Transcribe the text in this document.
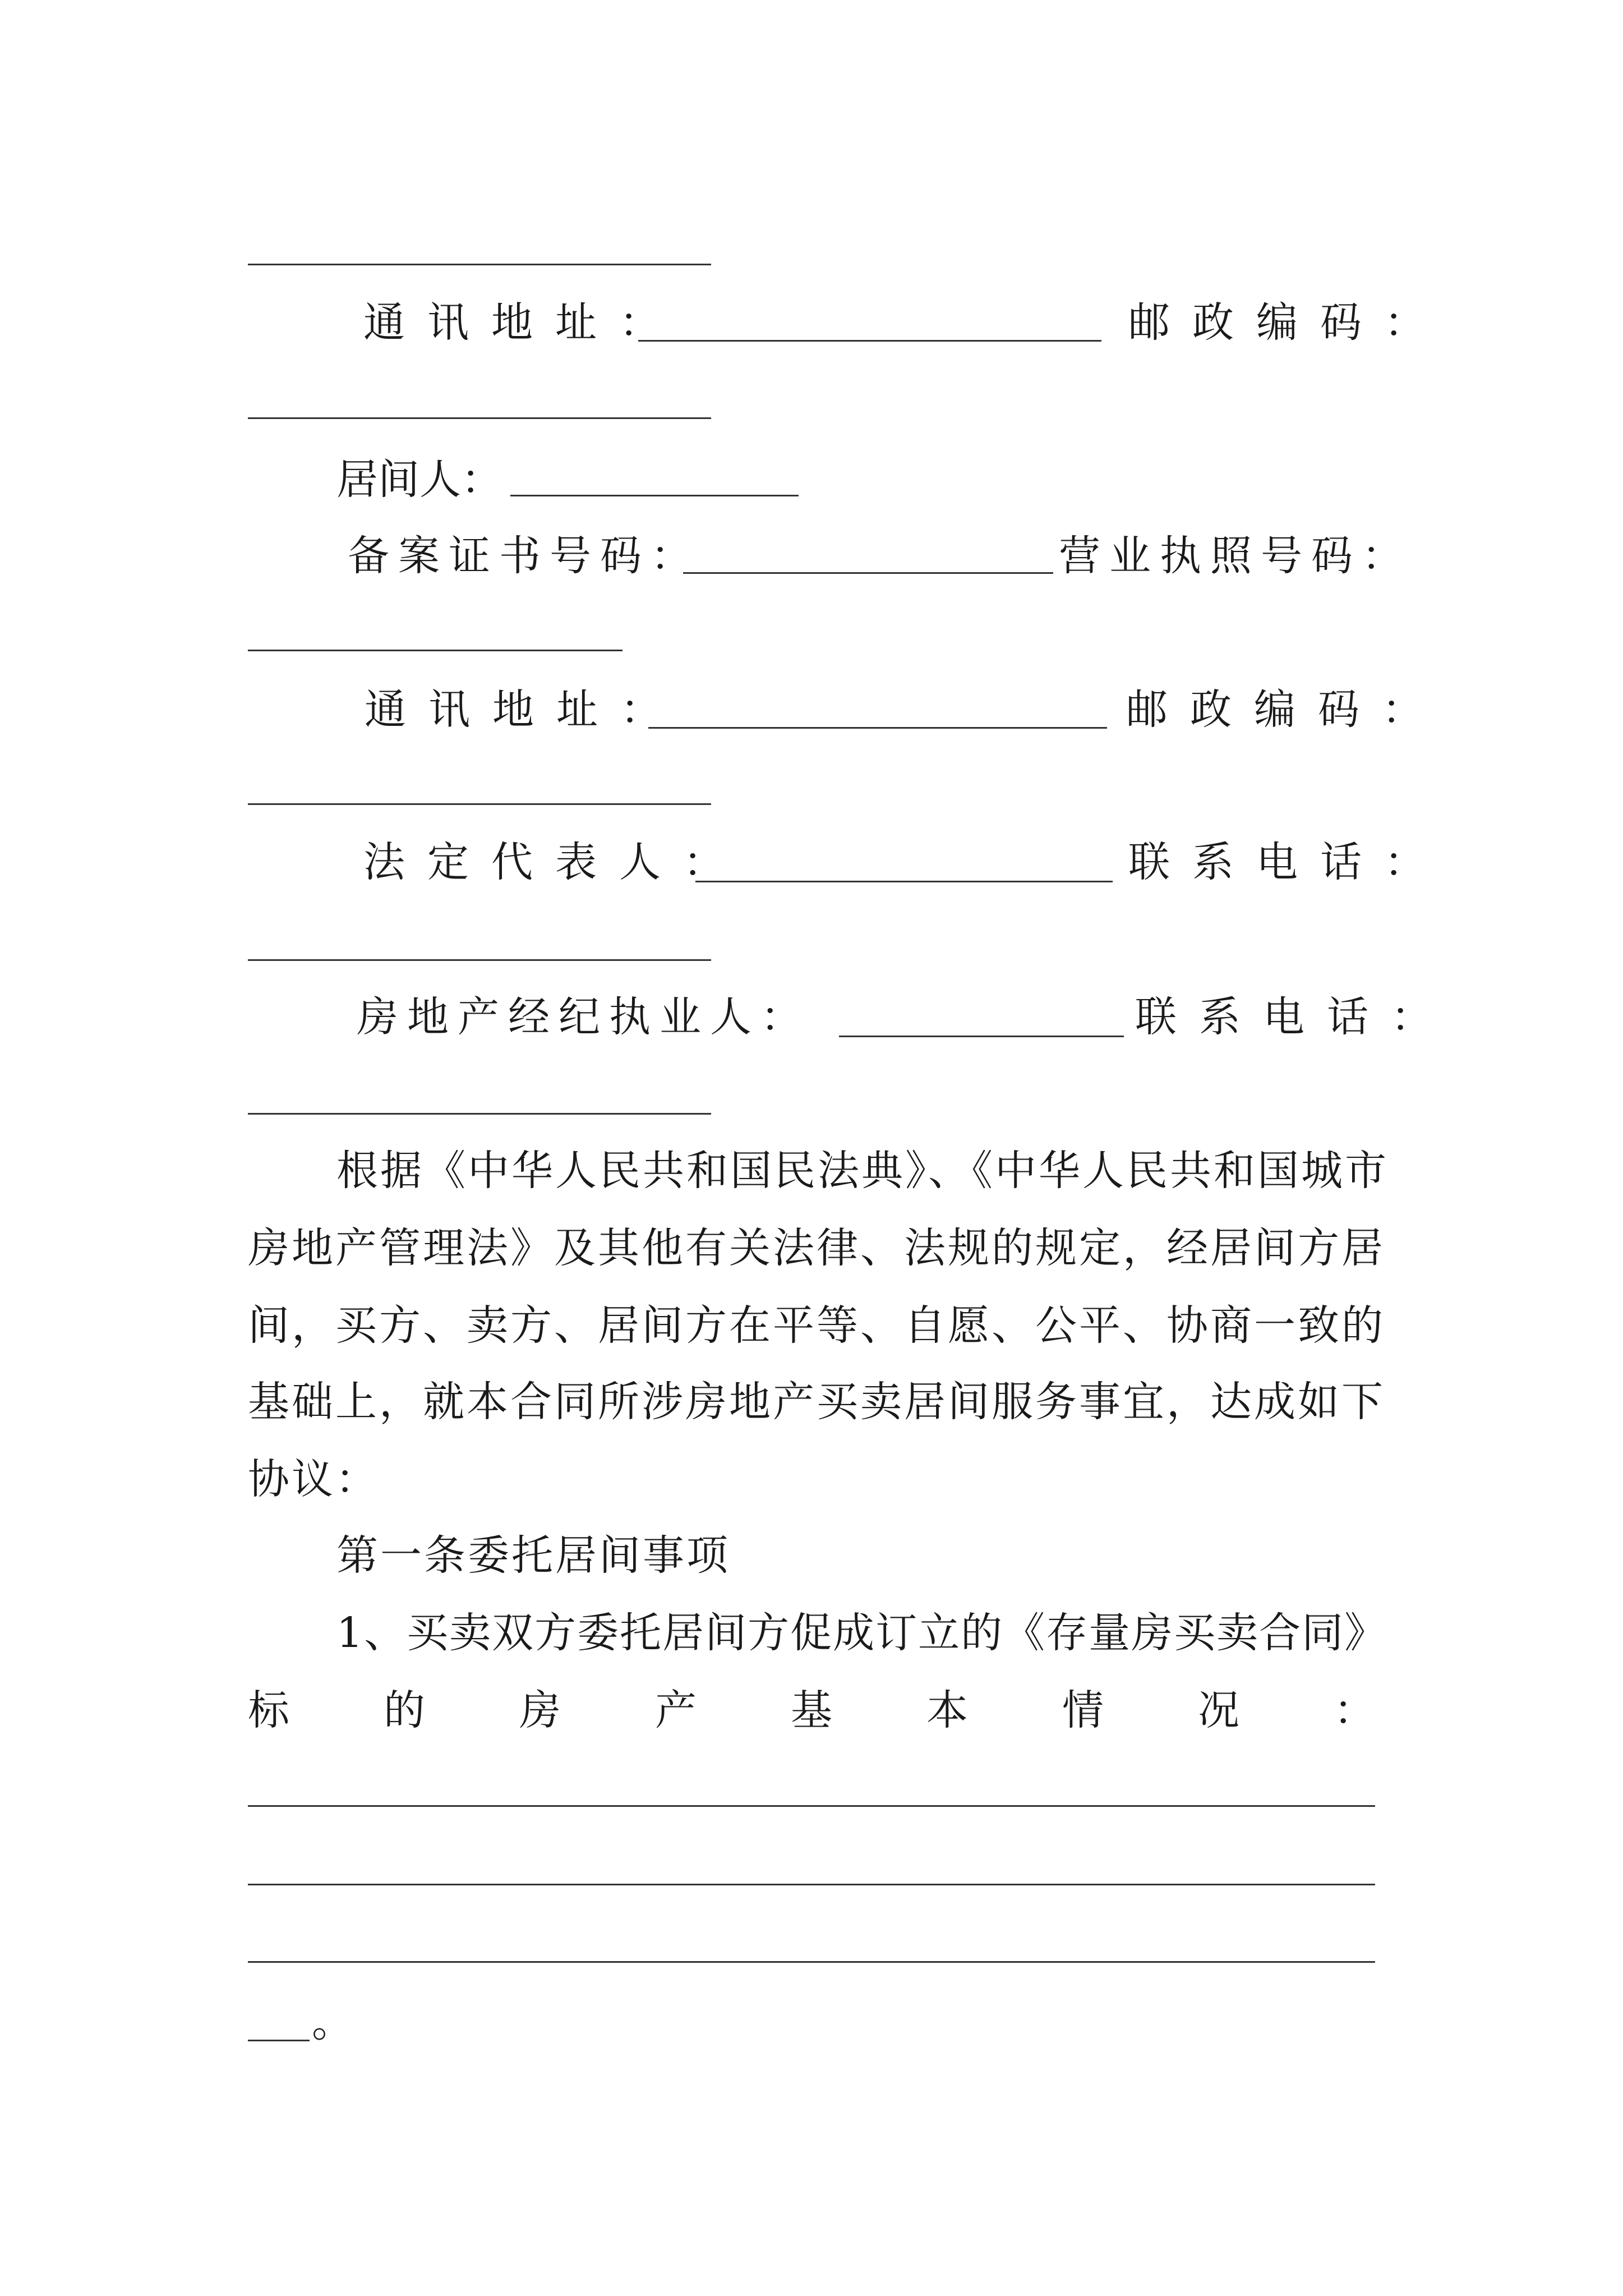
通讯地址：	邮政编码：
居间人：
备案证书号码：	营业执照号码：
通讯地址：	邮政编码：
法定代表人：	联系电话：
房地产经纪执业人：	联系电话：
根据《中华人民共和国民法典》、《中华人民共和国城市
房地产管理法》及其他有关法律、法规的规定，经居间方居
间，买方、卖方、居间方在平等、自愿、公平、协商一致的
基础上，就本合同所涉房地产买卖居间服务事宜，达成如下
协议：
第一条委托居间事项
1、买卖双方委托居间方促成订立的《存量房买卖合同》
标 的 房 产 基 本 情 况 ：
。
